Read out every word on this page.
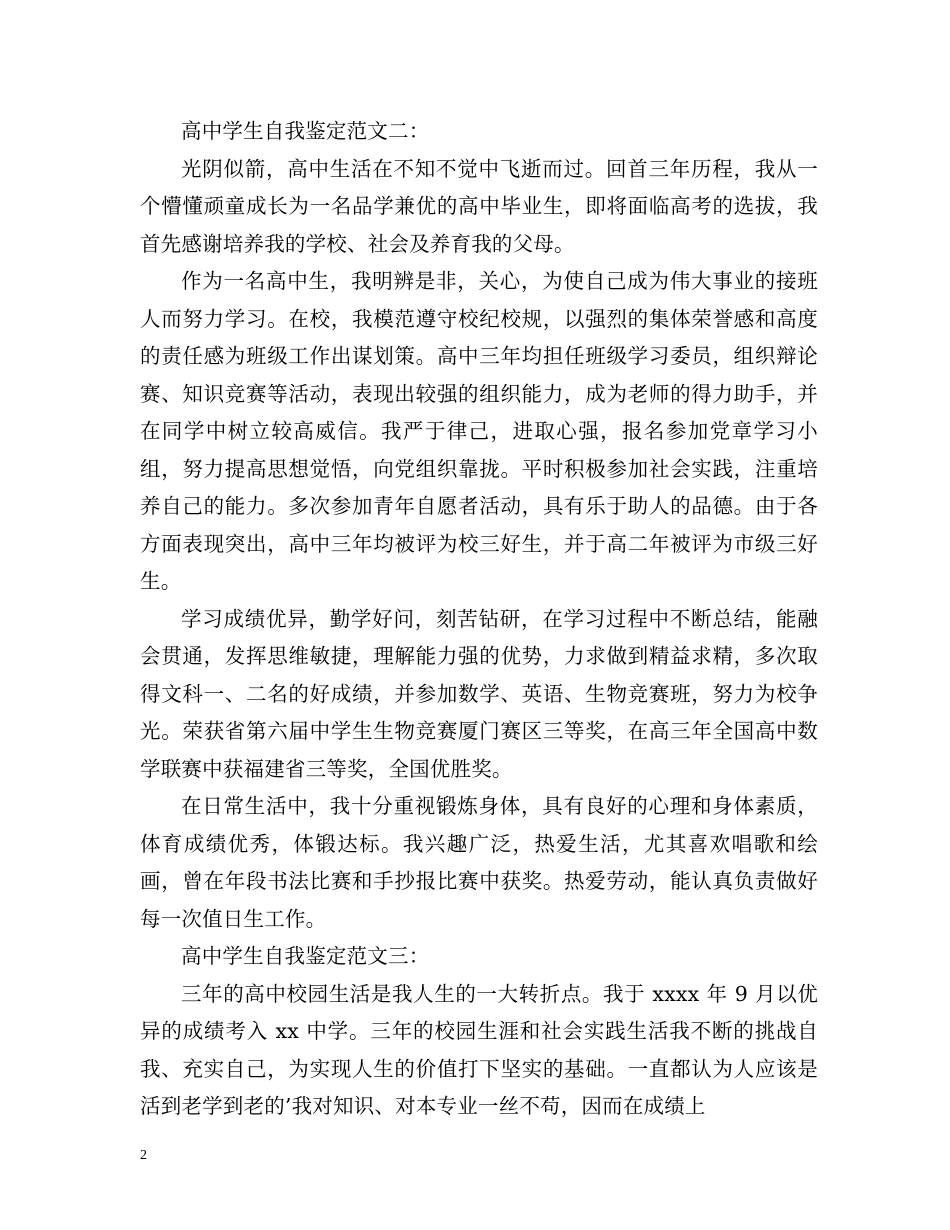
高中学生自我鉴定范文二：

光阴似箭，高中生活在不知不觉中飞逝而过。回首三年历程，我从一个懵懂顽童成长为一名品学兼优的高中毕业生，即将面临高考的选拔，我首先感谢培养我的学校、社会及养育我的父母。

作为一名高中生，我明辨是非，关心，为使自己成为伟大事业的接班人而努力学习。在校，我模范遵守校纪校规，以强烈的集体荣誉感和高度的责任感为班级工作出谋划策。高中三年均担任班级学习委员，组织辩论赛、知识竞赛等活动，表现出较强的组织能力，成为老师的得力助手，并在同学中树立较高威信。我严于律己，进取心强，报名参加党章学习小组，努力提高思想觉悟，向党组织靠拢。平时积极参加社会实践，注重培养自己的能力。多次参加青年自愿者活动，具有乐于助人的品德。由于各方面表现突出，高中三年均被评为校三好生，并于高二年被评为市级三好生。

学习成绩优异，勤学好问，刻苦钻研，在学习过程中不断总结，能融会贯通，发挥思维敏捷，理解能力强的优势，力求做到精益求精，多次取得文科一、二名的好成绩，并参加数学、英语、生物竞赛班，努力为校争光。荣获省第六届中学生生物竞赛厦门赛区三等奖，在高三年全国高中数学联赛中获福建省三等奖，全国优胜奖。

在日常生活中，我十分重视锻炼身体，具有良好的心理和身体素质，体育成绩优秀，体锻达标。我兴趣广泛，热爱生活，尤其喜欢唱歌和绘画，曾在年段书法比赛和手抄报比赛中获奖。热爱劳动，能认真负责做好每一次值日生工作。

高中学生自我鉴定范文三：

三年的高中校园生活是我人生的一大转折点。我于 xxxx 年 9 月以优异的成绩考入 xx 中学。三年的校园生涯和社会实践生活我不断的挑战自我、充实自己，为实现人生的价值打下坚实的基础。一直都认为人应该是活到老学到老的’我对知识、对本专业一丝不苟，因而在成绩上

2
